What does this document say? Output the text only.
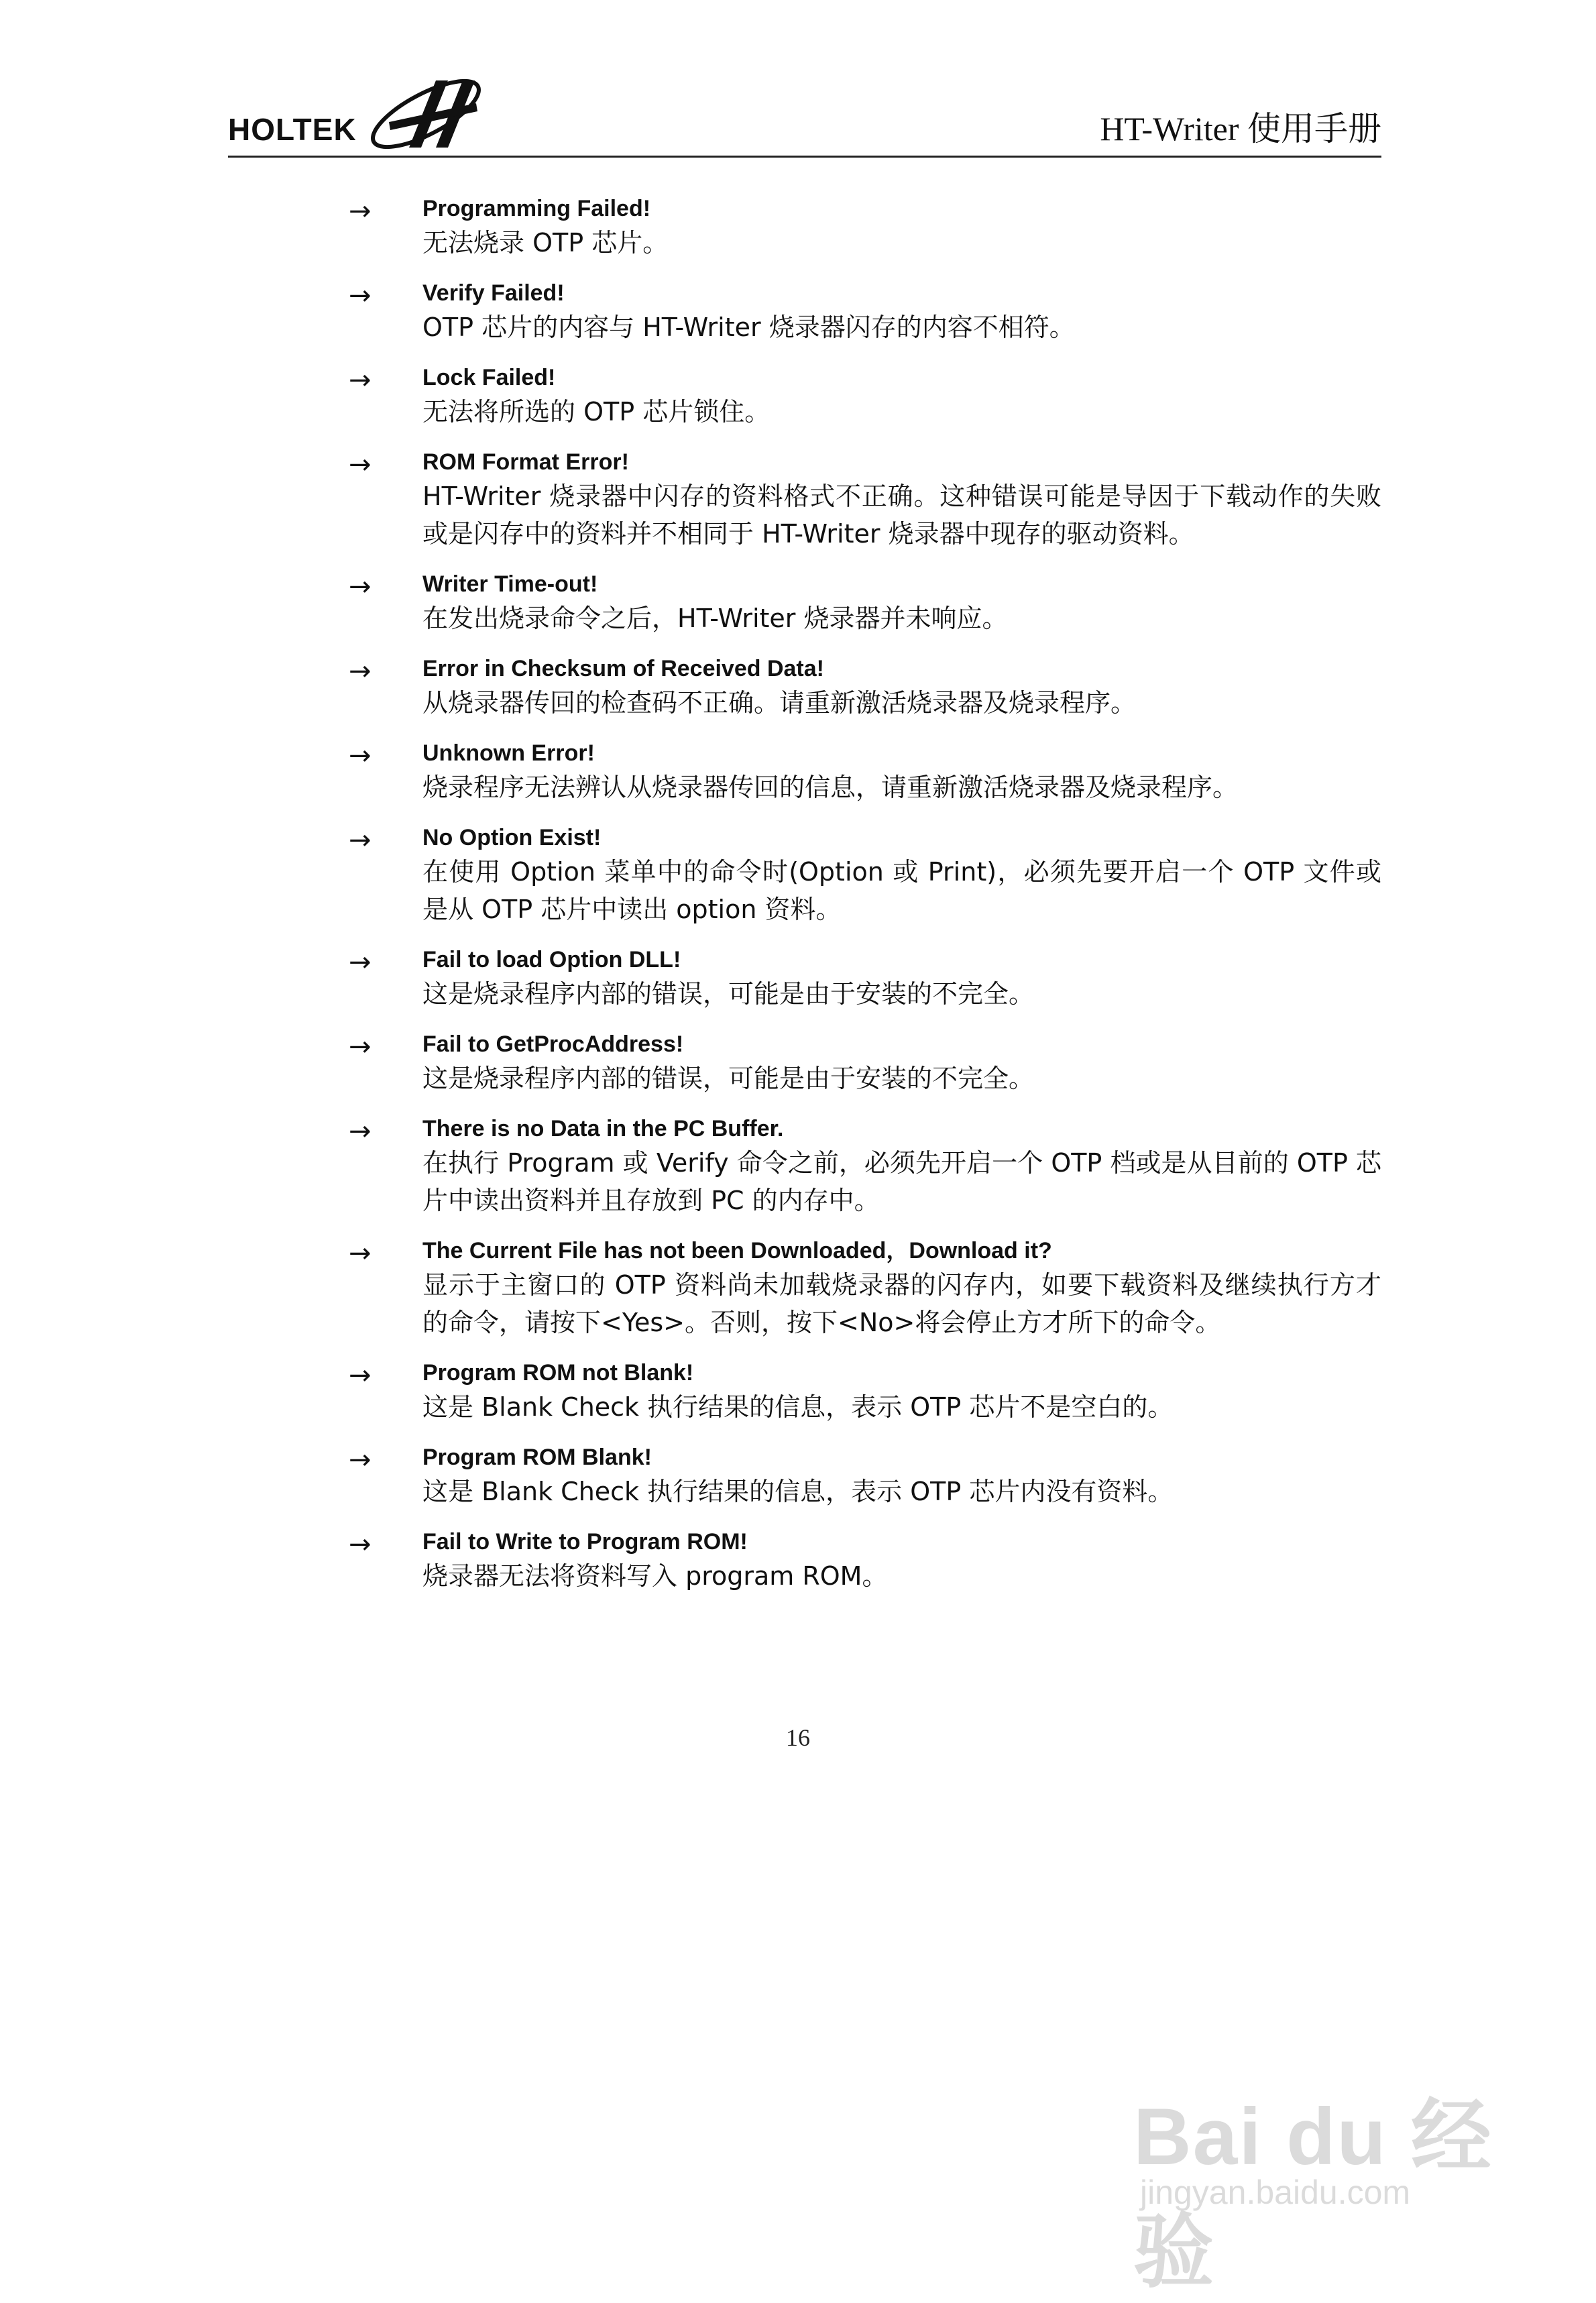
HOLTEK	HT-Writer 使用手册
→ Programming Failed!
无法烧录 OTP 芯片。
→ Verify Failed!
OTP 芯片的内容与 HT-Writer 烧录器闪存的内容不相符。
→ Lock Failed!
无法将所选的 OTP 芯片锁住。
→ ROM Format Error!
HT-Writer 烧录器中闪存的资料格式不正确。这种错误可能是导因于下载动作的失败或是闪存中的资料并不相同于 HT-Writer 烧录器中现存的驱动资料。
→ Writer Time-out!
在发出烧录命令之后，HT-Writer 烧录器并未响应。
→ Error in Checksum of Received Data!
从烧录器传回的检查码不正确。请重新激活烧录器及烧录程序。
→ Unknown Error!
烧录程序无法辨认从烧录器传回的信息，请重新激活烧录器及烧录程序。
→ No Option Exist!
在使用 Option 菜单中的命令时(Option 或 Print)，必须先要开启一个 OTP 文件或是从 OTP 芯片中读出 option 资料。
→ Fail to load Option DLL!
这是烧录程序内部的错误，可能是由于安装的不完全。
→ Fail to GetProcAddress!
这是烧录程序内部的错误，可能是由于安装的不完全。
→ There is no Data in the PC Buffer.
在执行 Program 或 Verify 命令之前，必须先开启一个 OTP 档或是从目前的 OTP 芯片中读出资料并且存放到 PC 的内存中。
→ The Current File has not been Downloaded，Download it?
显示于主窗口的 OTP 资料尚未加载烧录器的闪存内，如要下载资料及继续执行方才的命令，请按下<Yes>。否则，按下<No>将会停止方才所下的命令。
→ Program ROM not Blank!
这是 Blank Check 执行结果的信息，表示 OTP 芯片不是空白的。
→ Program ROM Blank!
这是 Blank Check 执行结果的信息，表示 OTP 芯片内没有资料。
→ Fail to Write to Program ROM!
烧录器无法将资料写入 program ROM。
16
Bai du 经验
jingyan.baidu.com
